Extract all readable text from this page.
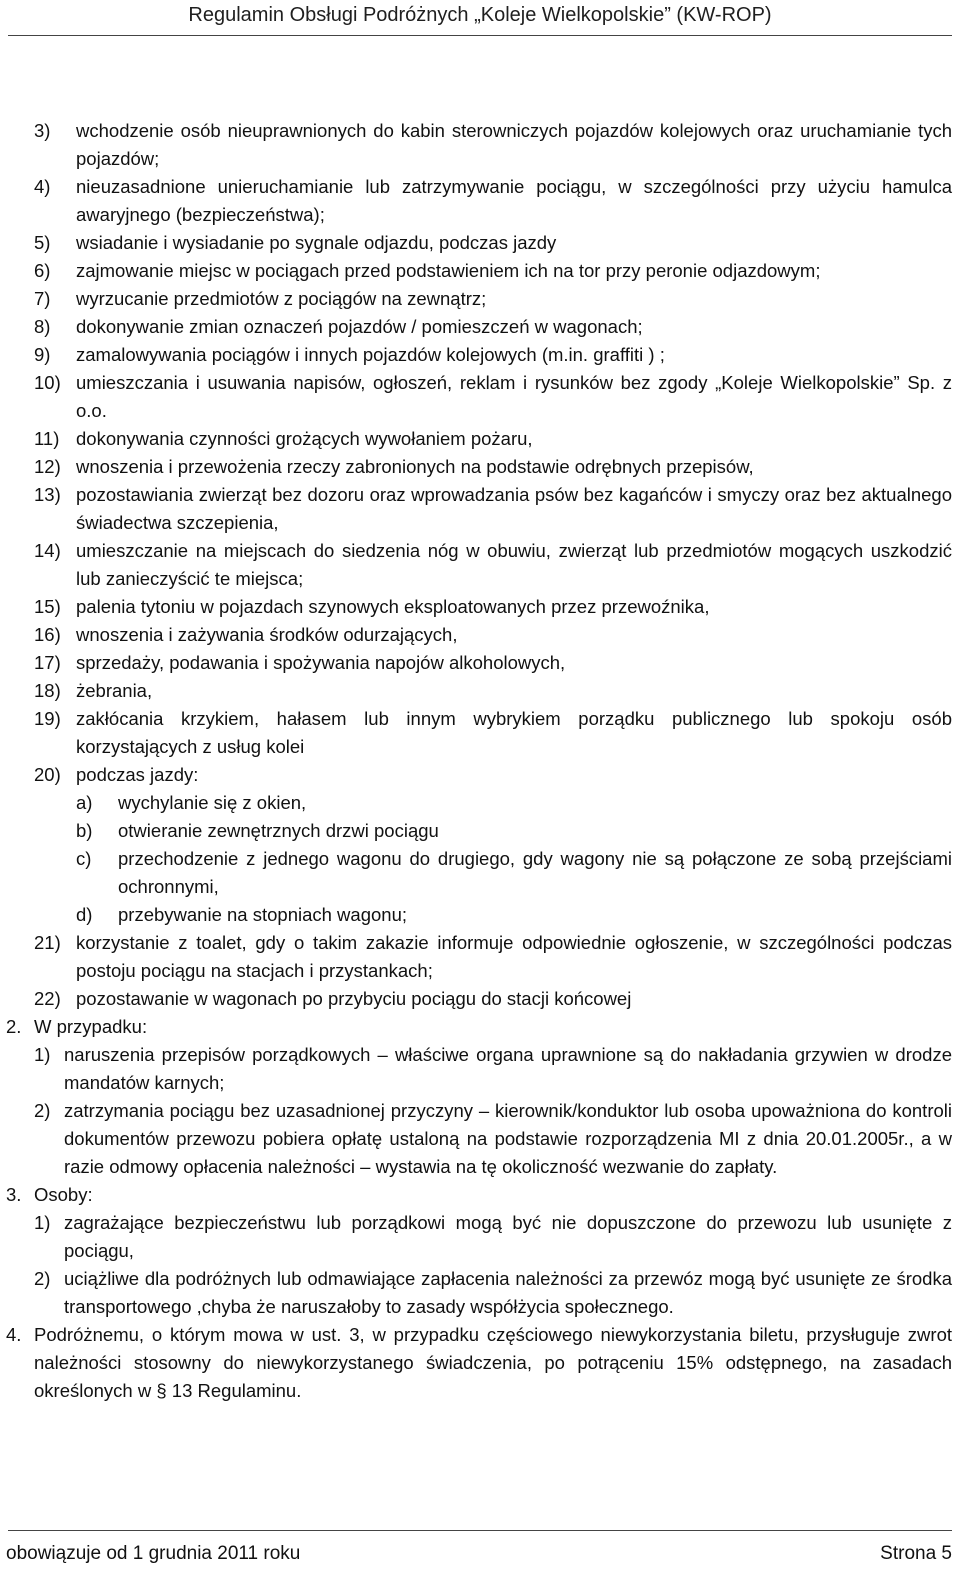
Regulamin Obsługi Podróżnych „Koleje Wielkopolskie” (KW-ROP)
3) wchodzenie osób nieuprawnionych do kabin sterowniczych pojazdów kolejowych oraz uruchamianie tych pojazdów;
4) nieuzasadnione unieruchamianie lub zatrzymywanie pociągu, w szczególności przy użyciu hamulca awaryjnego (bezpieczeństwa);
5) wsiadanie i wysiadanie po sygnale odjazdu, podczas jazdy
6) zajmowanie miejsc w pociągach przed podstawieniem ich na tor przy peronie odjazdowym;
7) wyrzucanie przedmiotów z pociągów na zewnątrz;
8) dokonywanie zmian oznaczeń pojazdów / pomieszczeń w wagonach;
9) zamalowywania pociągów i innych pojazdów kolejowych (m.in. graffiti ) ;
10) umieszczania i usuwania napisów, ogłoszeń, reklam i rysunków bez zgody „Koleje Wielkopolskie” Sp. z o.o.
11) dokonywania czynności grożących wywołaniem pożaru,
12) wnoszenia i przewożenia rzeczy zabronionych na podstawie odrębnych przepisów,
13) pozostawiania zwierząt bez dozoru oraz wprowadzania psów bez kagańców i smyczy oraz bez aktualnego świadectwa szczepienia,
14) umieszczanie na miejscach do siedzenia nóg w obuwiu, zwierząt lub przedmiotów mogących uszkodzić lub zanieczyścić te miejsca;
15) palenia tytoniu w pojazdach szynowych eksploatowanych przez przewoźnika,
16) wnoszenia i zażywania środków odurzających,
17) sprzedaży, podawania i spożywania napojów alkoholowych,
18) żebrania,
19) zakłócania krzykiem, hałasem lub innym wybrykiem porządku publicznego lub spokoju osób korzystających z usług kolei
20) podczas jazdy:
a) wychylanie się z okien,
b) otwieranie zewnętrznych drzwi pociągu
c) przechodzenie z jednego wagonu do drugiego, gdy wagony nie są połączone ze sobą przejściami ochronnymi,
d) przebywanie na stopniach wagonu;
21) korzystanie z toalet, gdy o takim zakazie informuje odpowiednie ogłoszenie, w szczególności podczas postoju pociągu na stacjach i przystankach;
22) pozostawanie w wagonach po przybyciu pociągu do stacji końcowej
2. W przypadku:
1) naruszenia przepisów porządkowych – właściwe organa uprawnione są do nakładania grzywien w drodze mandatów karnych;
2) zatrzymania pociągu bez uzasadnionej przyczyny – kierownik/konduktor lub osoba upoważniona do kontroli dokumentów przewozu pobiera opłatę ustaloną na podstawie rozporządzenia MI z dnia 20.01.2005r., a w razie odmowy opłacenia należności – wystawia na tę okoliczność wezwanie do zapłaty.
3. Osoby:
1) zagrażające bezpieczeństwu lub porządkowi mogą być nie dopuszczone do przewozu lub usunięte z pociągu,
2) uciążliwe dla podróżnych lub odmawiające zapłacenia należności za przewóz mogą być usunięte ze środka transportowego ,chyba że naruszałoby to zasady współżycia społecznego.
4. Podróżnemu, o którym mowa w ust. 3, w przypadku częściowego niewykorzystania biletu, przysługuje zwrot należności stosowny do niewykorzystanego świadczenia, po potrąceniu 15% odstępnego, na zasadach określonych w § 13 Regulaminu.
obowiązuje od 1 grudnia 2011 roku	Strona 5
